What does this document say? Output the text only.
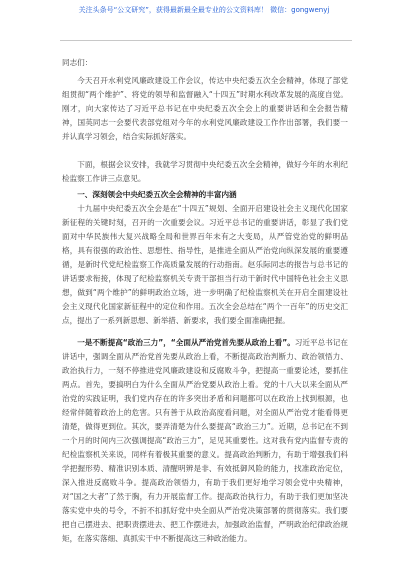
关注头条号“公文研究”，获得最新最全最专业的公文资料库！ 微信：gongwenyj

同志们：

今天召开水利党风廉政建设工作会议，传达中央纪委五次全会精神，体现了部党组贯彻“两个维护”、将党的领导和监督融入“十四五”时期水利改革发展的高度自觉。刚才，向大家传达了习近平总书记在中央纪委五次全会上的重要讲话和全会报告精神，国英同志一会要代表部党组对今年的水利党风廉政建设工作作出部署，我们要一并认真学习领会，结合实际抓好落实。

下面，根据会议安排，我就学习贯彻中央纪委五次全会精神，做好今年的水利纪检监察工作讲三点意见。

一、深刻领会中央纪委五次全会精神的丰富内涵

十九届中央纪委五次全会是在“十四五”规划、全面开启建设社会主义现代化国家新征程的关键时刻，召开的一次重要会议。习近平总书记的重要讲话，彰显了我们党面对中华民族伟大复兴战略全局和世界百年未有之大变局，从严管党治党的鲜明品格，具有很强的政治性、思想性、指导性，是推进全面从严治党向纵深发展的重要遵循，是新时代党纪检监察工作高质量发展的行动指南。赵乐际同志的报告与总书记的讲话要求衔接，体现了纪检监察机关专责干部担当行动干新时代中国特色社会主义思想，做到“两个维护”的鲜明政治立场，进一步明确了纪检监察机关在开启全面建设社会主义现代化国家新征程中的定位和作用。五次全会总结在“两个一百年”的历史交汇点，提出了一系列新思想、新举措、新要求，我们要全面准确把握。

一是不断提高“政治三力”，“全面从严治党首先要从政治上看”。习近平总书记在讲话中，强调全面从严治党首先要从政治上看，不断提高政治判断力、政治领悟力、政治执行力，一刻不停推进党风廉政建设和反腐败斗争，把提高一重要论述，要抓住两点。首先，要搞明白为什么全面从严治党要从政治上看。党的十八大以来全面从严治党的实践证明，我们党内存在的许多突出矛盾和问题都可以在政治上找到根源，也经常伴随着政治上的危害。只有善于从政治高度看问题，对全面从严治党才能看得更清楚，做得更到位。其次，要弄清楚为什么要提高“政治三力”。近期，总书记在不到一个月的时间内三次强调提高“政治三力”，足见其重要性。这对我有党内监督专责的纪检监察机关来说，同样有着极其重要的意义。提高政治判断力，有助于增强我们科学把握形势、精准识别本质、清醒明辨是非、有效抵御风险的能力，找准政治定位，深入推进反腐败斗争。提高政治领悟力，有助于我们更好地学习领会党中央精神，对“国之大者”了然于胸，有力开展监督工作。提高政治执行力，有助于我们更加坚决落实党中央的号令，不折不扣抓好党中央全面从严治党决策部署的贯彻落实。我们要把自己摆进去、把职责摆进去、把工作摆进去，加强政治监督，严明政治纪律政治规矩，在落实落细、真抓实干中不断提高这三种政治能力。
